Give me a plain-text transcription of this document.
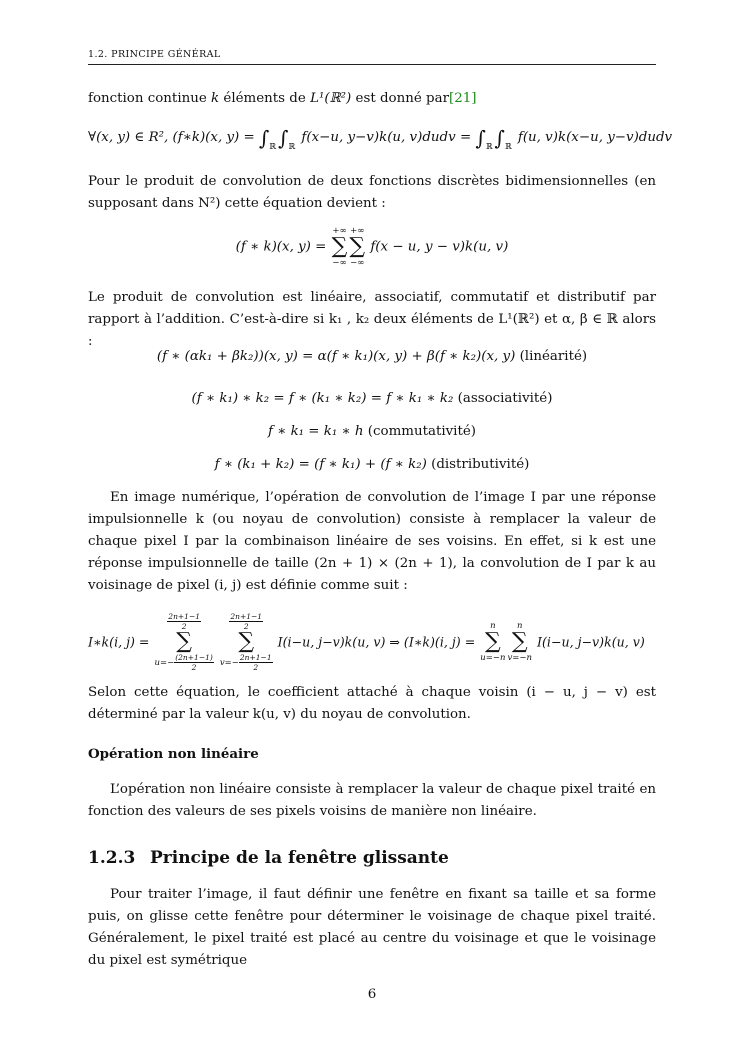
1.2. PRINCIPE GÉNÉRAL
fonction continue k éléments de L¹(ℝ²) est donné par[21]
∀(x, y) ∈ R², (f∗k)(x, $y) = \int_ℝ$ $\int_ℝ$ f(x−u, y−v)k(u, v)dudv = $\int_ℝ$ $\int_ℝ$ f(u, v)k(x−u, y−v)dudv
Pour le produit de convolution de deux fonctions discrètes bidimensionnelles (en supposant dans N²) cette équation devient :
(f ∗ k)(x, y) =
+∞
∑
−∞
+∞
∑
−∞
f(x − u, y − v)k(u, v)
Le produit de convolution est linéaire, associatif, commutatif et distributif par rapport à l’addition. C’est-à-dire si k₁ , k₂ deux éléments de L¹(ℝ²) et α, β ∈ ℝ alors :
(f ∗ (αk₁ + βk₂))(x, y) = α(f ∗ k₁)(x, y) + β(f ∗ k₂)(x, y) (linéarité)
(f ∗ k₁) ∗ k₂ = f ∗ (k₁ ∗ k₂) = f ∗ k₁ ∗ k₂ (associativité)
f ∗ k₁ = k₁ ∗ h (commutativité)
f ∗ (k₁ + k₂) = (f ∗ k₁) + (f ∗ k₂) (distributivité)
En image numérique, l’opération de convolution de l’image I par une réponse impulsionnelle k (ou noyau de convolution) consiste à remplacer la valeur de chaque pixel I par la combinaison linéaire de ses voisins. En effet, si k est une réponse impulsionnelle de taille (2n + 1) × (2n + 1), la convolution de I par k au voisinage de pixel (i, j) est définie comme suit :
I∗k(i, j) =
$\frac{2n+1-1}{2}$
∑
$u=- \frac{(2n+1-1)}{2}$

$\frac{2n+1-1}{2}$
∑
$v=- \frac{2n+1-1}{2}$
I(i−u, j−v)k(u, v) ⇒ (I∗k)(i, j) =
n
∑
u=−n
n
∑
v=−n
I(i−u, j−v)k(u, v)
Selon cette équation, le coefficient attaché à chaque voisin (i − u, j − v) est déterminé par la valeur k(u, v) du noyau de convolution.
Opération non linéaire
L’opération non linéaire consiste à remplacer la valeur de chaque pixel traité en fonction des valeurs de ses pixels voisins de manière non linéaire.
1.2.3 Principe de la fenêtre glissante
Pour traiter l’image, il faut définir une fenêtre en fixant sa taille et sa forme puis, on glisse cette fenêtre pour déterminer le voisinage de chaque pixel traité. Généralement, le pixel traité est placé au centre du voisinage et que le voisinage du pixel est symétrique
6
